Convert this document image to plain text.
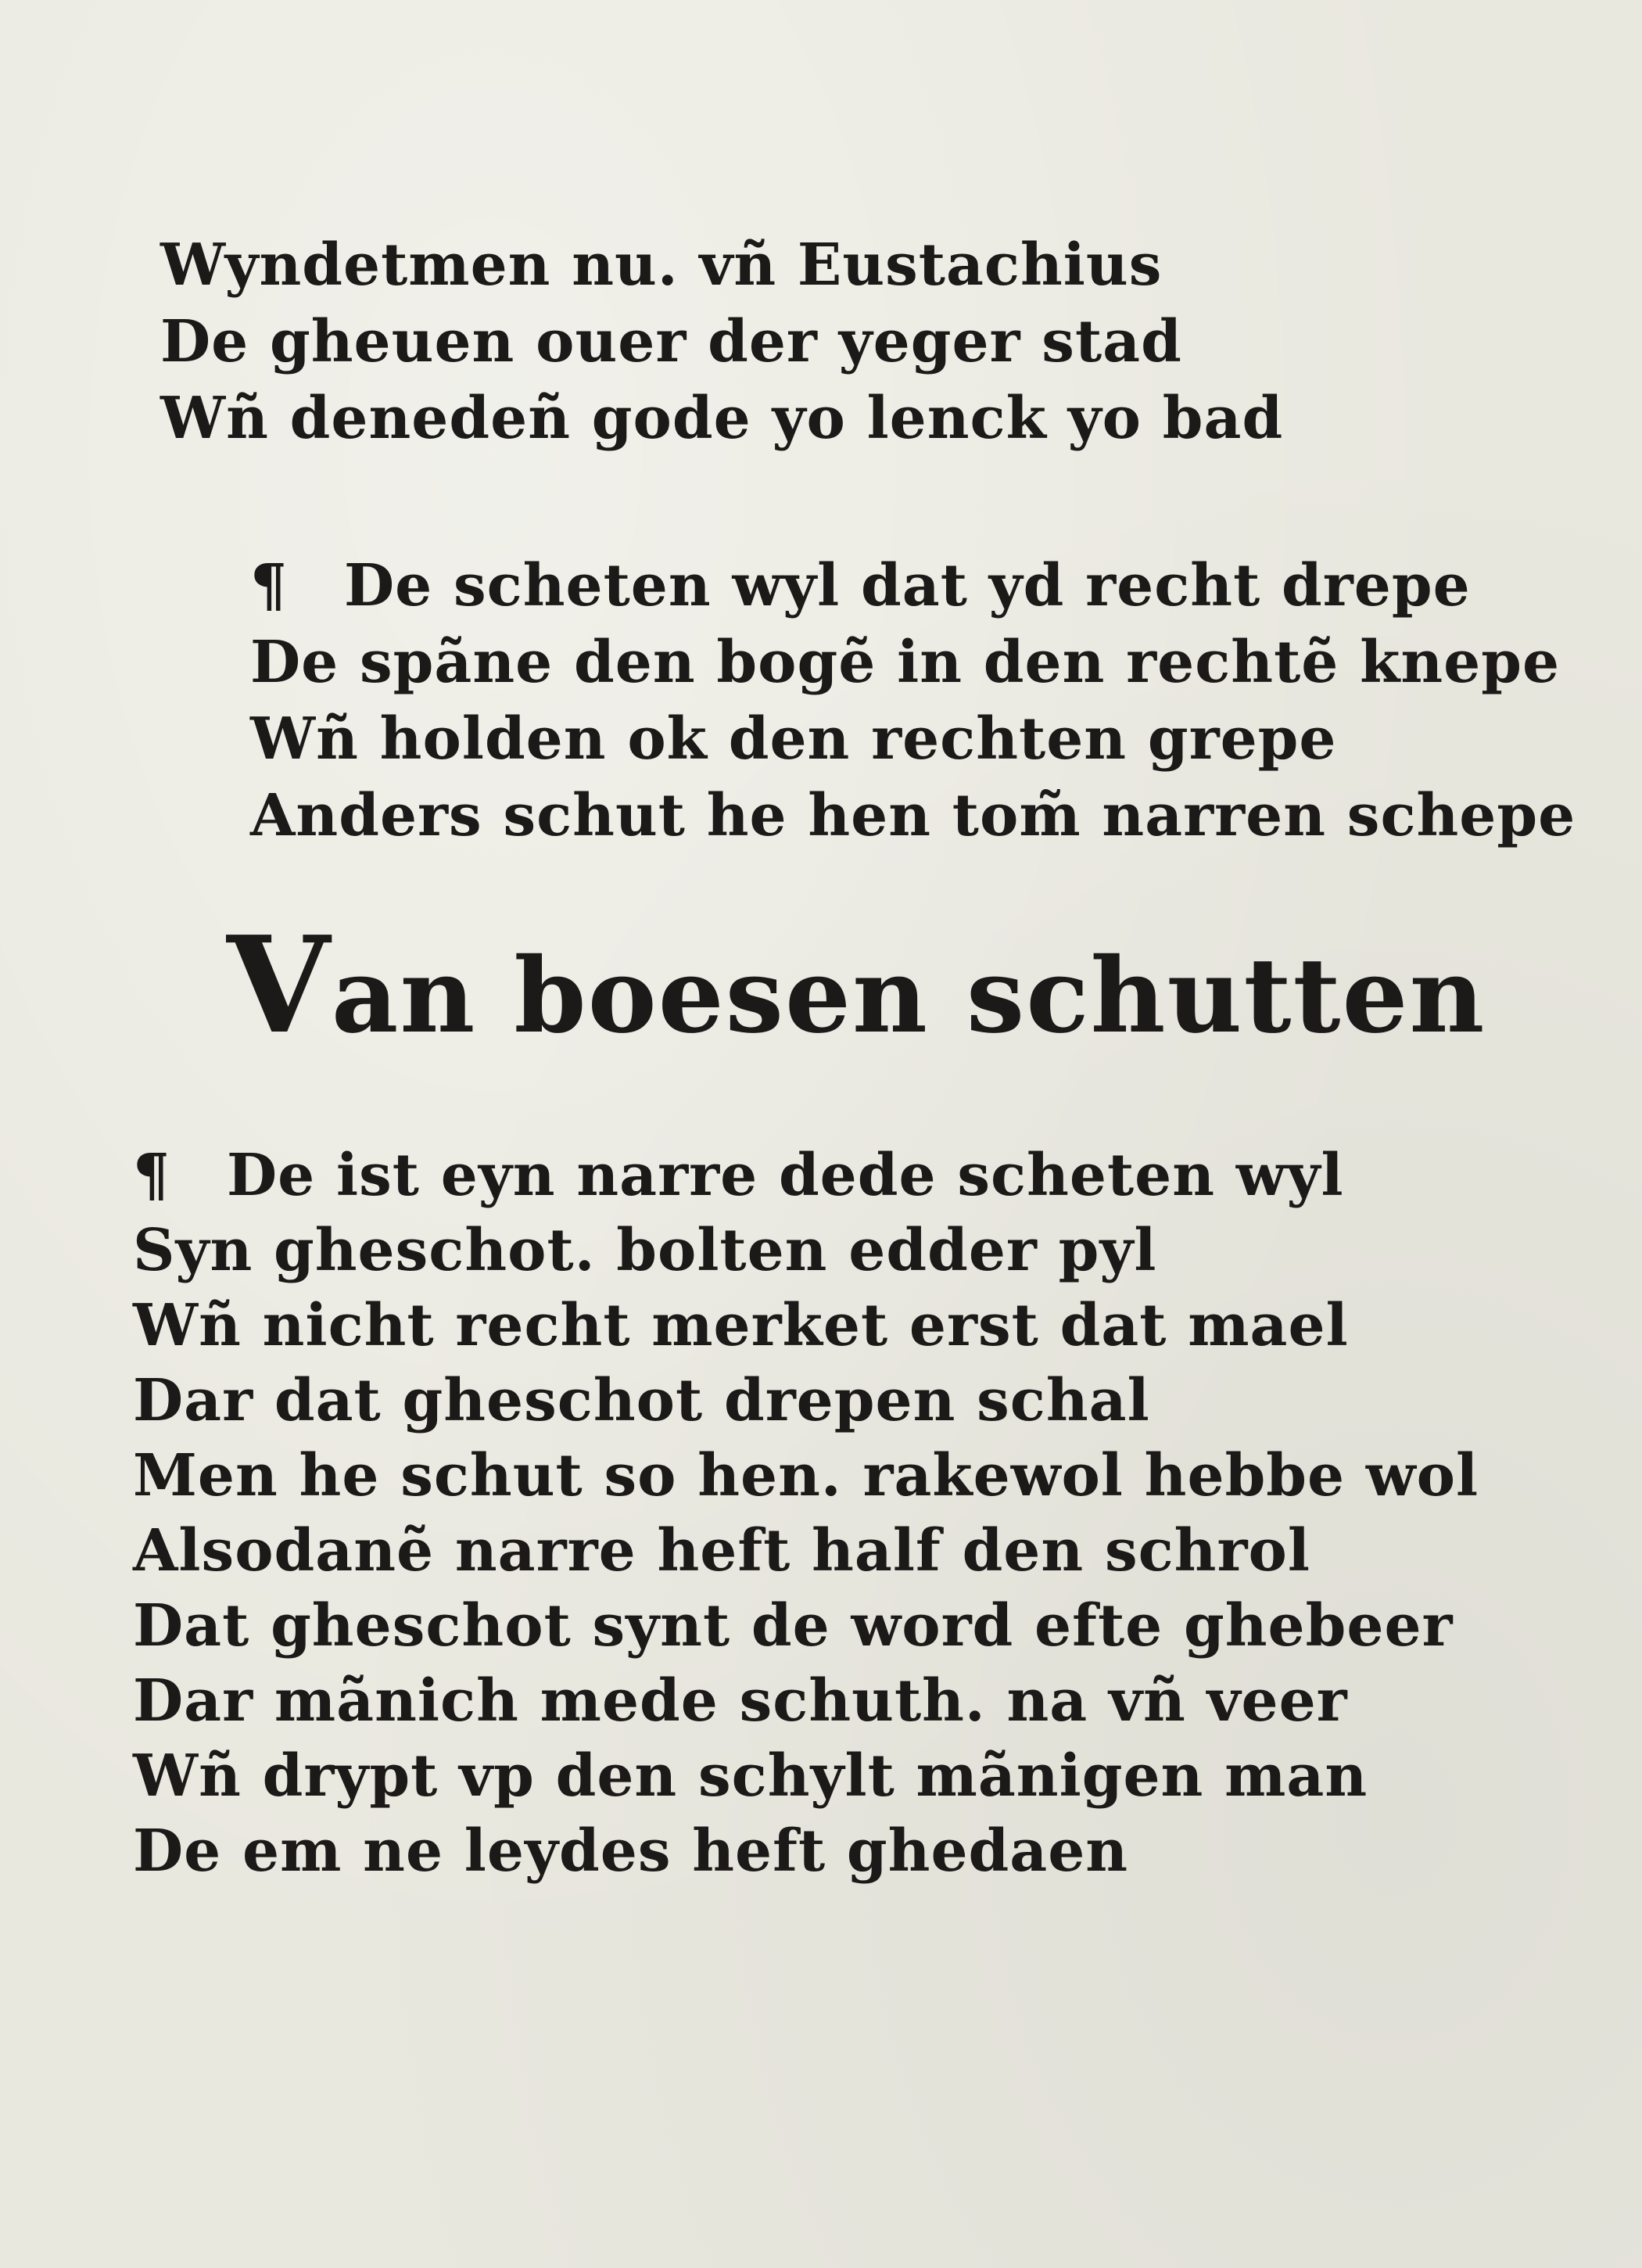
Wyndetmen nu. vñ Eustachius
De gheuen ouer der yeger stad
Wñ denedeñ gode yo lenck yo bad
¶ De scheten wyl dat yd recht drepe
De spãne den bogẽ in den rechtẽ knepe
Wñ holden ok den rechten grepe
Anders schut he hen tom̃ narren schepe
Van boesen schutten
¶ De ist eyn narre dede scheten wyl
Syn gheschot. bolten edder pyl
Wñ nicht recht merket erst dat mael
Dar dat gheschot drepen schal
Men he schut so hen. rakewol hebbe wol
Alsodanẽ narre heft half den schrol
Dat gheschot synt de word efte ghebeer
Dar mãnich mede schuth. na vñ veer
Wñ drypt vp den schylt mãnigen man
De em ne leydes heft ghedaen
